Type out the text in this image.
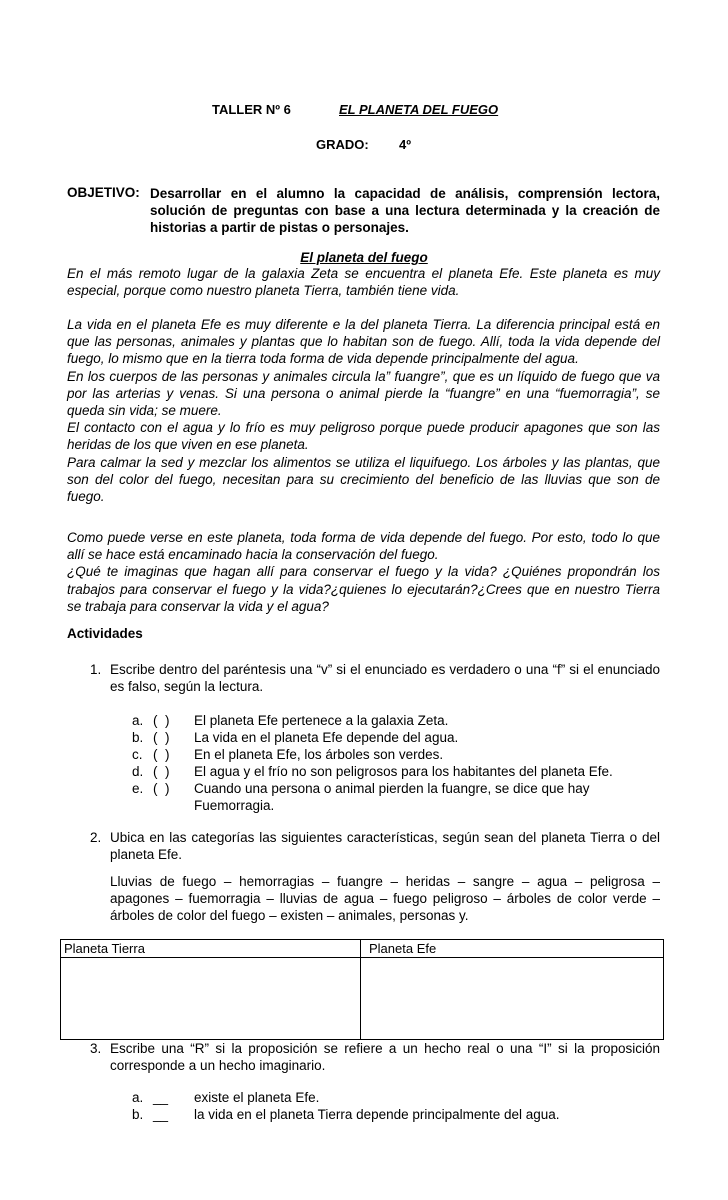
TALLER Nº 6	EL PLANETA DEL FUEGO
GRADO: 4º
OBJETIVO: Desarrollar en el alumno la capacidad de análisis, comprensión lectora, solución de preguntas con base a una lectura determinada y la creación de historias a partir de pistas o personajes.
El planeta del fuego
En el más remoto lugar de la galaxia Zeta se encuentra el planeta Efe. Este planeta es muy especial, porque como nuestro planeta Tierra, también tiene vida.

La vida en el planeta Efe es muy diferente e la del planeta Tierra. La diferencia principal está en que las personas, animales y plantas que lo habitan son de fuego. Allí, toda la vida depende del fuego, lo mismo que en la tierra toda forma de vida depende principalmente del agua.

En los cuerpos de las personas y animales circula la” fuangre”, que es un líquido de fuego que va por las arterias y venas. Si una persona o animal pierde la “fuangre” en una “fuemorragia”, se queda sin vida; se muere.

El contacto con el agua y lo frío es muy peligroso porque puede producir apagones que son las heridas de los que viven en ese planeta.

Para calmar la sed y mezclar los alimentos se utiliza el liquifuego. Los árboles y las plantas, que son del color del fuego, necesitan para su crecimiento del beneficio de las lluvias que son de fuego.

Como puede verse en este planeta, toda forma de vida depende del fuego. Por esto, todo lo que allí se hace está encaminado hacia la conservación del fuego.

¿Qué te imaginas que hagan allí para conservar el fuego y la vida? ¿Quiénes propondrán los trabajos para conservar el fuego y la vida?¿quienes lo ejecutarán?¿Crees que en nuestro Tierra se trabaja para conservar la vida y el agua?

Actividades
1. Escribe dentro del paréntesis una “v” si el enunciado es verdadero o una “f” si el enunciado es falso, según la lectura.
a. (  ) El planeta Efe pertenece a la galaxia Zeta.
b. (  ) La vida en el planeta Efe depende del agua.
c. (  ) En el planeta Efe, los árboles son verdes.
d. (  ) El agua y el frío no son peligrosos para los habitantes del planeta Efe.
e. (  ) Cuando una persona o animal pierden la fuangre, se dice que hay
Fuemorragia.
2. Ubica en las categorías las siguientes características, según sean del planeta Tierra o del planeta Efe.
Lluvias de fuego – hemorragias – fuangre – heridas – sangre – agua – peligrosa – apagones – fuemorragia – lluvias de agua – fuego peligroso – árboles de color verde – árboles de color del fuego – existen – animales, personas y.
Planeta Tierra	Planeta Efe
3. Escribe una “R” si la proposición se refiere a un hecho real o una “I” si la proposición corresponde a un hecho imaginario.
a. __ existe el planeta Efe.
b. __ la vida en el planeta Tierra depende principalmente del agua.
